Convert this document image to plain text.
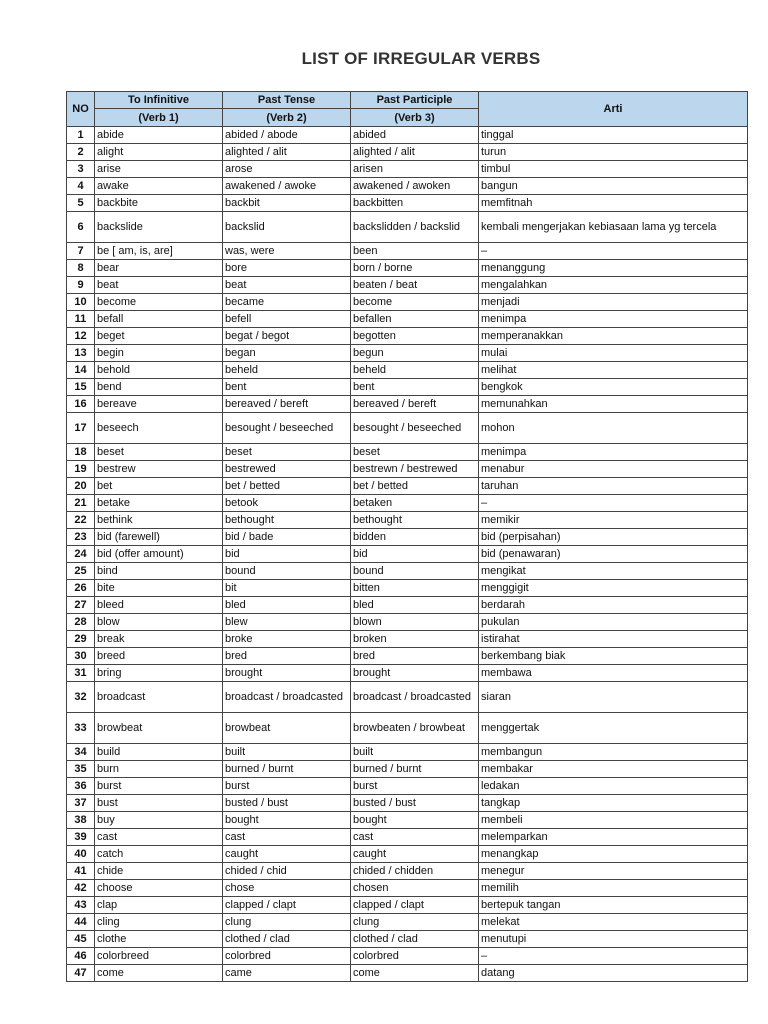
LIST OF IRREGULAR VERBS
NO	To Infinitive	Past Tense	Past Participle	Arti
	(Verb 1)	(Verb 2)	(Verb 3)	
1	abide	abided / abode	abided	tinggal
2	alight	alighted / alit	alighted / alit	turun
3	arise	arose	arisen	timbul
4	awake	awakened / awoke	awakened / awoken	bangun
5	backbite	backbit	backbitten	memfitnah
6	backslide	backslid	backslidden / backslid	kembali mengerjakan kebiasaan lama yg tercela
7	be [ am, is, are]	was, were	been	–
8	bear	bore	born / borne	menanggung
9	beat	beat	beaten / beat	mengalahkan
10	become	became	become	menjadi
11	befall	befell	befallen	menimpa
12	beget	begat / begot	begotten	memperanakkan
13	begin	began	begun	mulai
14	behold	beheld	beheld	melihat
15	bend	bent	bent	bengkok
16	bereave	bereaved / bereft	bereaved / bereft	memunahkan
17	beseech	besought / beseeched	besought / beseeched	mohon
18	beset	beset	beset	menimpa
19	bestrew	bestrewed	bestrewn / bestrewed	menabur
20	bet	bet / betted	bet / betted	taruhan
21	betake	betook	betaken	–
22	bethink	bethought	bethought	memikir
23	bid (farewell)	bid / bade	bidden	bid (perpisahan)
24	bid (offer amount)	bid	bid	bid (penawaran)
25	bind	bound	bound	mengikat
26	bite	bit	bitten	menggigit
27	bleed	bled	bled	berdarah
28	blow	blew	blown	pukulan
29	break	broke	broken	istirahat
30	breed	bred	bred	berkembang biak
31	bring	brought	brought	membawa
32	broadcast	broadcast / broadcasted	broadcast / broadcasted	siaran
33	browbeat	browbeat	browbeaten / browbeat	menggertak
34	build	built	built	membangun
35	burn	burned / burnt	burned / burnt	membakar
36	burst	burst	burst	ledakan
37	bust	busted / bust	busted / bust	tangkap
38	buy	bought	bought	membeli
39	cast	cast	cast	melemparkan
40	catch	caught	caught	menangkap
41	chide	chided / chid	chided / chidden	menegur
42	choose	chose	chosen	memilih
43	clap	clapped / clapt	clapped / clapt	bertepuk tangan
44	cling	clung	clung	melekat
45	clothe	clothed / clad	clothed / clad	menutupi
46	colorbreed	colorbred	colorbred	–
47	come	came	come	datang
